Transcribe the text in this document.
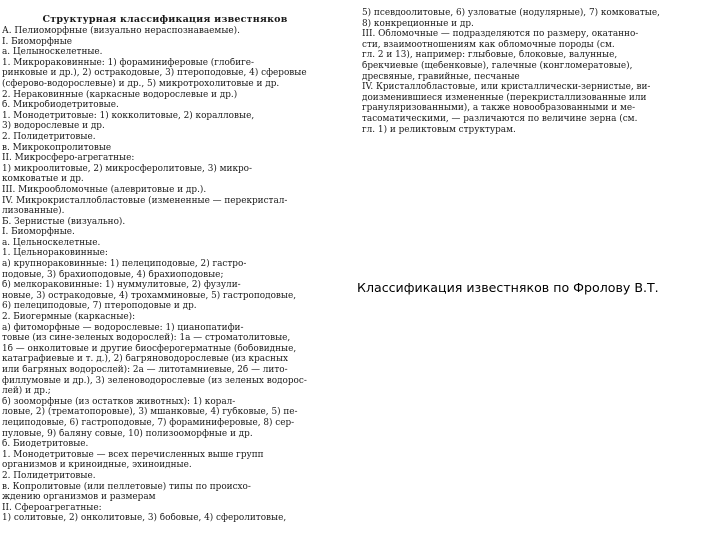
Структурная классификация известняков
А. Пелиоморфные (визуально нераспознаваемые).
I. Биоморфные
а. Целыноскелетные.
1. Микрораковинные: 1) фораминиферовые (глобиге-
ринковые и др.), 2) остракодовые, 3) птероподовые, 4) сферовые
(сферово-водорослевые) и др., 5) микротрохолитовые и др.
2. Нераковинные (каркасные водорослевые и др.)
б. Микробиодетритовые.
1. Монодетритовые: 1) кокколитовые, 2) коралловые,
3) водорослевые и др.
2. Полидетритовые.
в. Микрокопролитовые
II. Микросферо-агрегатные:
1) микроолитовые, 2) микросферолитовые, 3) микро-
комковатые и др.
III. Микрообломочные (алевритовые и др.).
IV. Микрокристаллобластовые (измененные — перекристал-
лизованные).
Б. Зернистые (визуально).
I. Биоморфные.
а. Цельноскелетные.
1. Цельнораковинные:
а) крупнораковинные: 1) пелециподовые, 2) гастро-
подовые, 3) брахиоподовые, 4) брахиоподовые;
б) мелкораковинные: 1) нуммулитовые, 2) фузули-
новые, 3) остракодовые, 4) трохамминовые, 5) гастроподовые,
6) пелециподовые, 7) птероподовые и др.
2. Биогермные (каркасные):
а) фитоморфные — водорослевые: 1) цианопатифи-
товые (из сине-зеленых водорослей): 1а — строматолитовые,
1б — онколитовые и другие биосферогерматные (бобовидные,
катаграфиевые и т. д.), 2) багряноводорослевые (из красных
или багряных водорослей): 2а — литотамниевые, 2б — лито-
филлумовые и др.), 3) зеленоводорослевые (из зеленых водорос-
лей) и др.;
б) зооморфные (из остатков животных): 1) корал-
ловые, 2) (трематопоровые), 3) мшанковые, 4) губковые, 5) пе-
лециподовые, 6) гастроподовые, 7) фораминиферовые, 8) сер-
пуловые, 9) баляну совые, 10) полизооморфные и др.
б. Биодетритовые.
1. Монодетритовые — всех перечисленных выше групп
организмов и криноидные, эхиноидные.
2. Полидетритовые.
в. Копролитовые (или пеллетовые) типы по происхо-
ждению организмов и размерам
II. Сфероагрегатные:
1) солитовые, 2) онколитовые, 3) бобовые, 4) сферолитовые,
5) псевдоолитовые, 6) узловатые (нодулярные), 7) комковатые,
8) конкреционные и др.
III. Обломочные — подразделяются по размеру, окатанно-
сти, взаимоотношениям как обломочные породы (см.
гл. 2 и 13), например: глыбовые, блоковые, валунные,
брекчиевые (щебенковые), галечные (конгломератовые),
дресвяные, гравийные, песчаные
IV. Кристаллобластовые, или кристаллически-зернистые, ви-
доизменившиеся измененные (перекристаллизованные или
грануляризованными), а также новообразованными и ме-
тасоматическими, — различаются по величине зерна (см.
гл. 1) и реликтовым структурам.
Классификация известняков по Фролову В.Т.
